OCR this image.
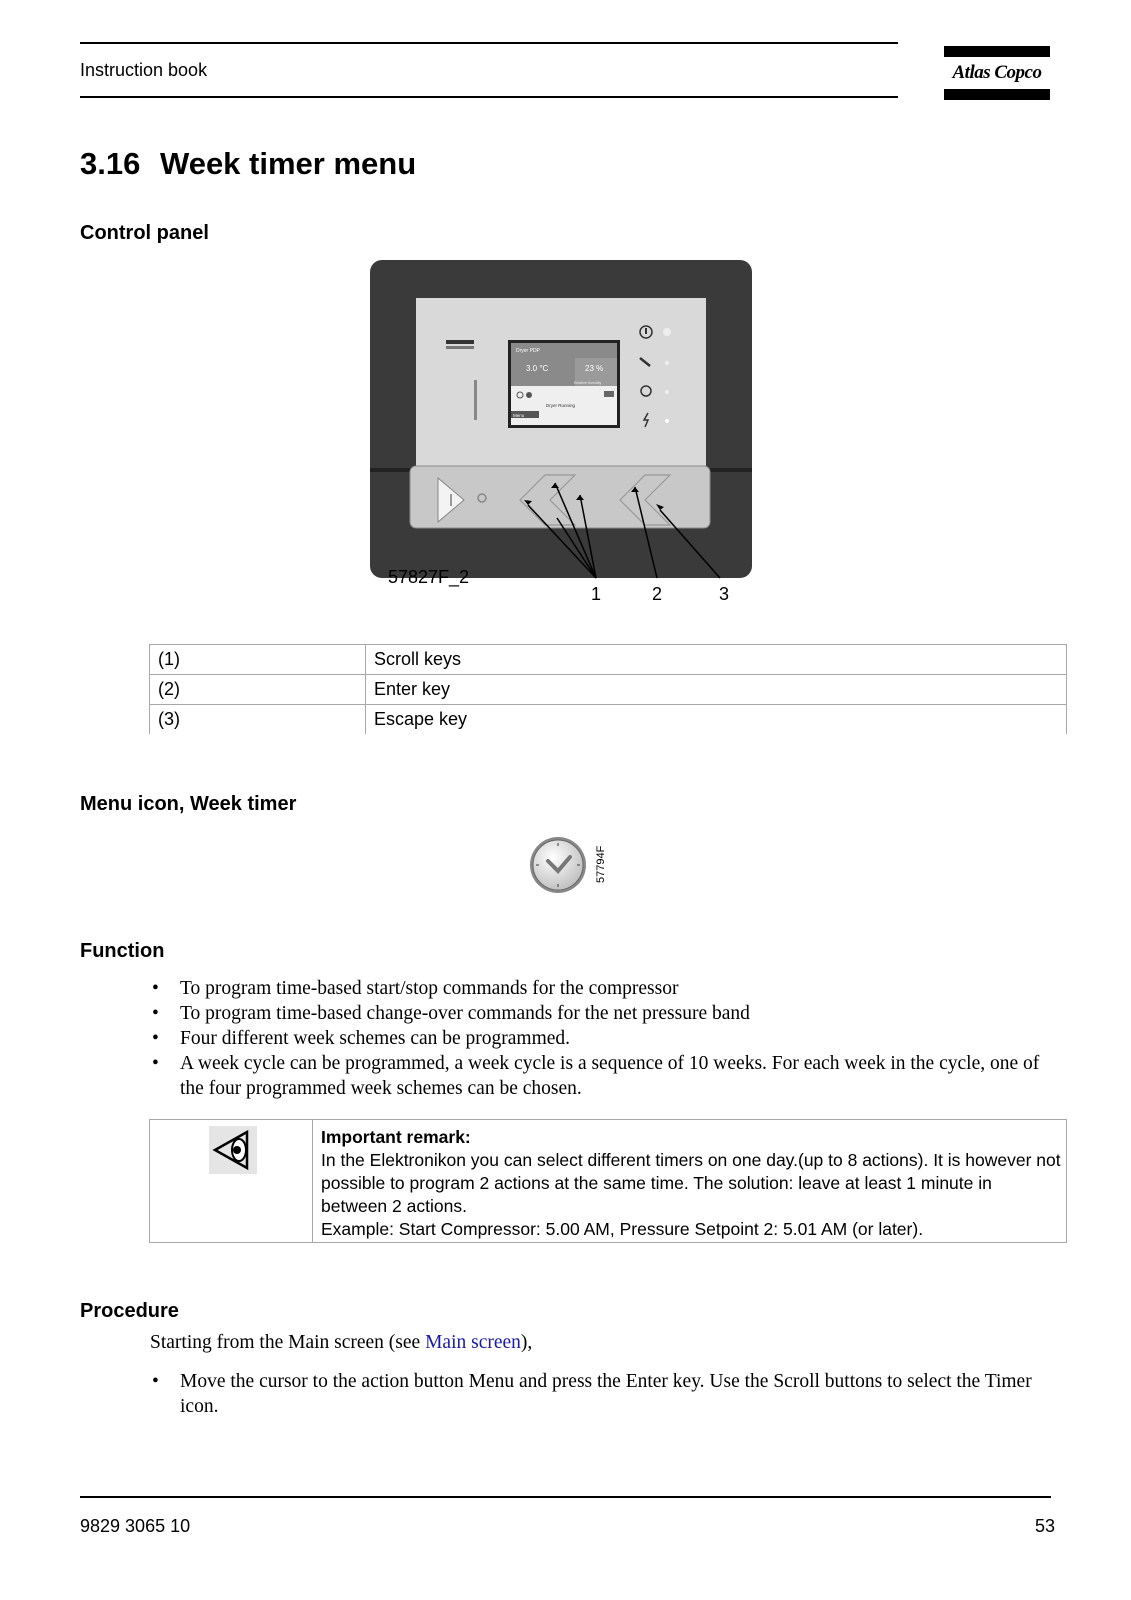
Instruction book	Atlas Copco
3.16 Week timer menu
Control panel
Dryer PDP
3.0 °C	23 %
Relative Humidity
Dryer Running
Menu
57827F_2
1	2	3
(1)	Scroll keys
(2)	Enter key
(3)	Escape key
Menu icon, Week timer
57794F
Function
• To program time-based start/stop commands for the compressor
• To program time-based change-over commands for the net pressure band
• Four different week schemes can be programmed.
• A week cycle can be programmed, a week cycle is a sequence of 10 weeks. For each week in the cycle, one of the four programmed week schemes can be chosen.
Important remark:
In the Elektronikon you can select different timers on one day.(up to 8 actions). It is however not possible to program 2 actions at the same time. The solution: leave at least 1 minute in between 2 actions.
Example: Start Compressor: 5.00 AM, Pressure Setpoint 2: 5.01 AM (or later).
Procedure
Starting from the Main screen (see Main screen),
• Move the cursor to the action button Menu and press the Enter key. Use the Scroll buttons to select the Timer icon.
9829 3065 10	53
